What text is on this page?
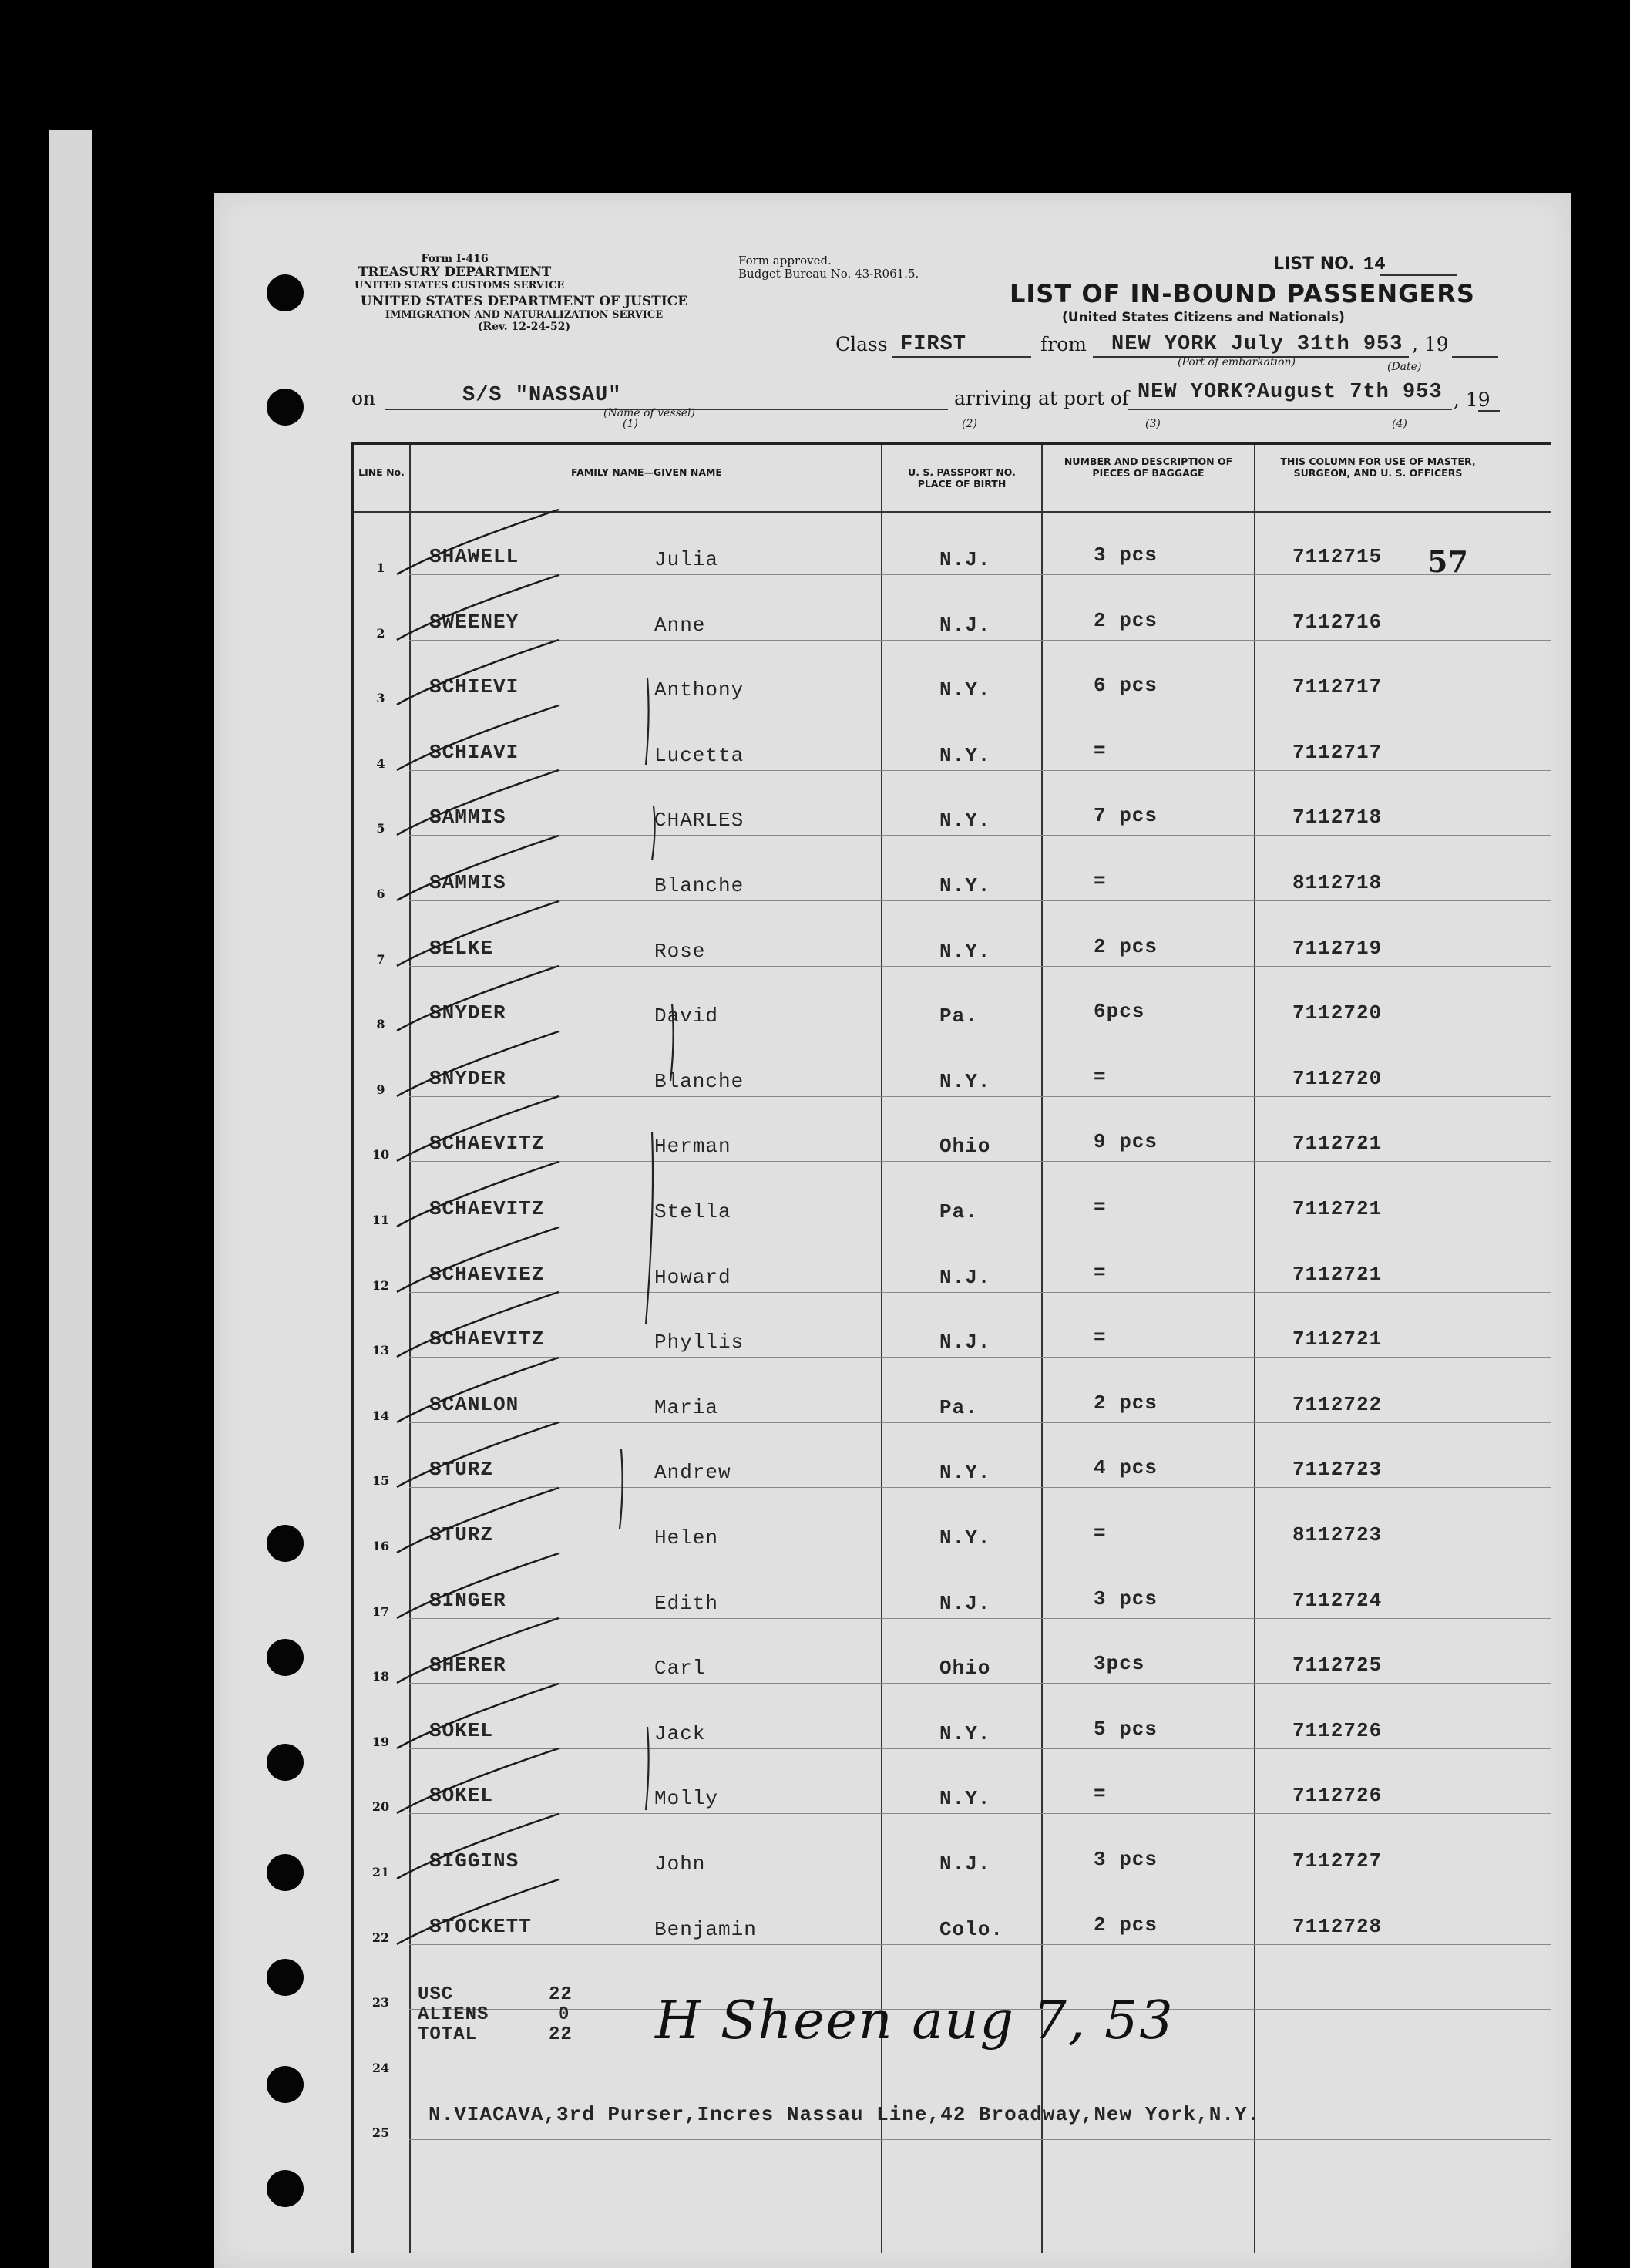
Form I-416
TREASURY DEPARTMENT
UNITED STATES CUSTOMS SERVICE
UNITED STATES DEPARTMENT OF JUSTICE
IMMIGRATION AND NATURALIZATION SERVICE
(Rev. 12-24-52)
Form approved.
Budget Bureau No. 43-R061.5.
LIST NO. 14
LIST OF IN-BOUND PASSENGERS
(United States Citizens and Nationals)
Class FIRST	from NEW YORK July 31th 953 , 19
(Port of embarkation)	(Date)
on	S/S "NASSAU"
(Name of vessel)
(1)
arriving at port of NEW YORK?August 7th 953 , 19
(2)	(3)	(4)
LINE No.	FAMILY NAME—GIVEN NAME	U. S. PASSPORT NO. PLACE OF BIRTH
NUMBER AND DESCRIPTION OF PIECES OF BAGGAGE
THIS COLUMN FOR USE OF MASTER, SURGEON, AND U. S. OFFICERS
1	SHAWELL	Julia	N.J.	3 pcs	7112715
2	SWEENEY	Anne	N.J.	2 pcs	7112716
3	SCHIEVI	Anthony	N.Y.	6 pcs	7112717
4	SCHIAVI	Lucetta	N.Y.	=	7112717
5	SAMMIS	CHARLES	N.Y.	7 pcs	7112718
6	SAMMIS	Blanche	N.Y.	=	8112718
7	SELKE	Rose	N.Y.	2 pcs	7112719
8	SNYDER	David	Pa.	6pcs	7112720
9	SNYDER	Blanche	N.Y.	=	7112720
10 SCHAEVITZ	Herman	Ohio	9 pcs	7112721
11 SCHAEVITZ	Stella	Pa.	=	7112721
12 SCHAEVIEZ	Howard	N.J.	=	7112721
13 SCHAEVITZ	Phyllis	N.J.	=	7112721
14 SCANLON	Maria	Pa.	2 pcs	7112722
15 STURZ	Andrew	N.Y.	4 pcs	7112723
16 STURZ	Helen	N.Y.	=	8112723
17 SINGER	Edith	N.J.	3 pcs	7112724
18 SHERER	Carl	Ohio	3pcs	7112725
19 SOKEL	Jack	N.Y.	5 pcs	7112726
20 SOKEL	Molly	N.Y.	=	7112726
21 SIGGINS	John	N.J.	3 pcs	7112727
22 STOCKETT	Benjamin	Colo.	2 pcs	7112728
23
24
25
USC	22
ALIENS	0
TOTAL	22 H Sheen aug 7, 53
57
N.VIACAVA,3rd Purser,Incres Nassau Line,42 Broadway,New York,N.Y.
